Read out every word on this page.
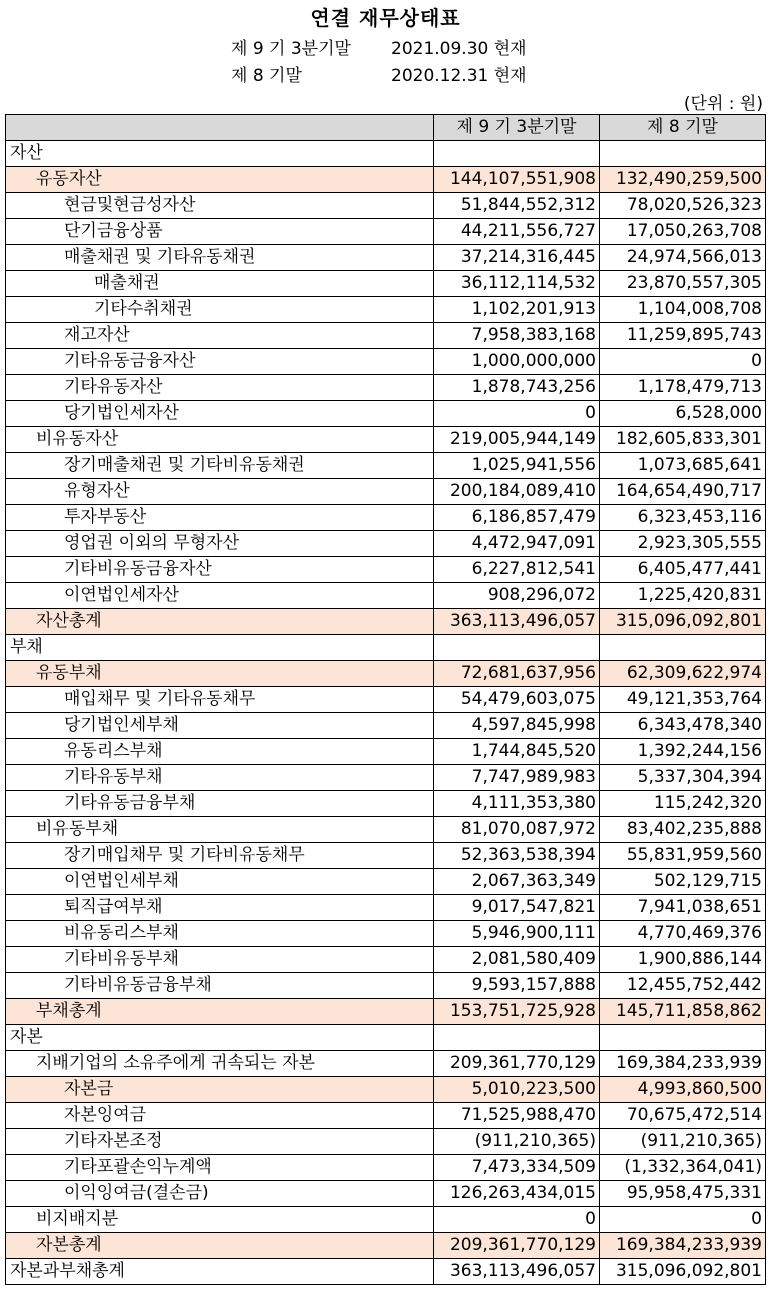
연결 재무상태표
제 9 기 3분기말 2021.09.30 현재
제 8 기말	2020.12.31 현재
(단위 : 원)
	제 9 기 3분기말	제 8 기말
자산		
유동자산	144,107,551,908	132,490,259,500
현금및현금성자산	51,844,552,312	78,020,526,323
단기금융상품	44,211,556,727	17,050,263,708
매출채권 및 기타유동채권	37,214,316,445	24,974,566,013
매출채권	36,112,114,532	23,870,557,305
기타수취채권	1,102,201,913	1,104,008,708
재고자산	7,958,383,168	11,259,895,743
기타유동금융자산	1,000,000,000	0
기타유동자산	1,878,743,256	1,178,479,713
당기법인세자산	0	6,528,000
비유동자산	219,005,944,149	182,605,833,301
장기매출채권 및 기타비유동채권	1,025,941,556	1,073,685,641
유형자산	200,184,089,410	164,654,490,717
투자부동산	6,186,857,479	6,323,453,116
영업권 이외의 무형자산	4,472,947,091	2,923,305,555
기타비유동금융자산	6,227,812,541	6,405,477,441
이연법인세자산	908,296,072	1,225,420,831
자산총계	363,113,496,057	315,096,092,801
부채		
유동부채	72,681,637,956	62,309,622,974
매입채무 및 기타유동채무	54,479,603,075	49,121,353,764
당기법인세부채	4,597,845,998	6,343,478,340
유동리스부채	1,744,845,520	1,392,244,156
기타유동부채	7,747,989,983	5,337,304,394
기타유동금융부채	4,111,353,380	115,242,320
비유동부채	81,070,087,972	83,402,235,888
장기매입채무 및 기타비유동채무	52,363,538,394	55,831,959,560
이연법인세부채	2,067,363,349	502,129,715
퇴직급여부채	9,017,547,821	7,941,038,651
비유동리스부채	5,946,900,111	4,770,469,376
기타비유동부채	2,081,580,409	1,900,886,144
기타비유동금융부채	9,593,157,888	12,455,752,442
부채총계	153,751,725,928	145,711,858,862
자본		
지배기업의 소유주에게 귀속되는 자본	209,361,770,129	169,384,233,939
자본금	5,010,223,500	4,993,860,500
자본잉여금	71,525,988,470	70,675,472,514
기타자본조정	(911,210,365)	(911,210,365)
기타포괄손익누계액	7,473,334,509	(1,332,364,041)
이익잉여금(결손금)	126,263,434,015	95,958,475,331
비지배지분	0	0
자본총계	209,361,770,129	169,384,233,939
자본과부채총계	363,113,496,057	315,096,092,801
